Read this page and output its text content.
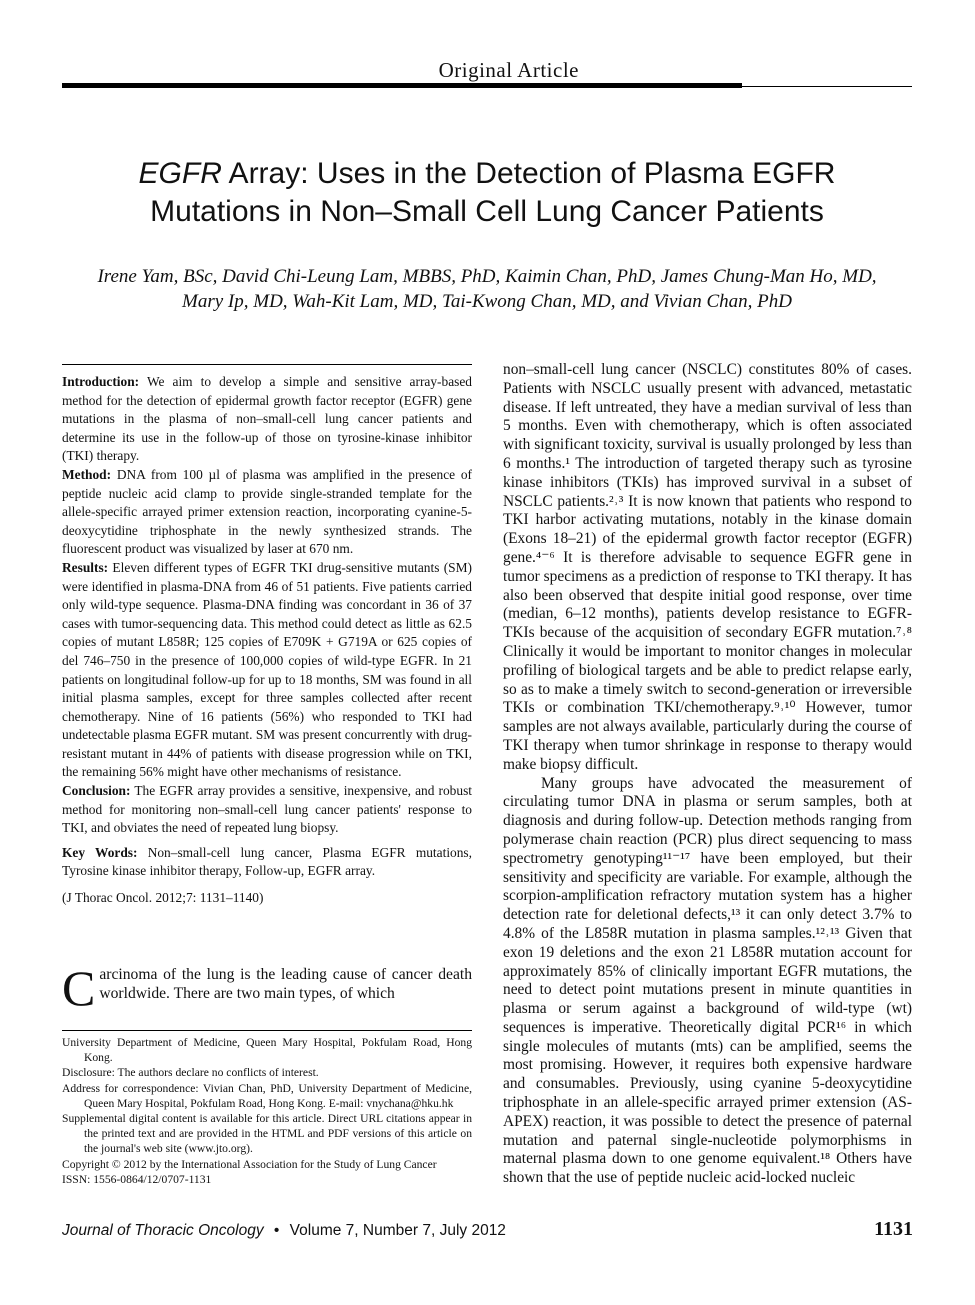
Original Article
EGFR Array: Uses in the Detection of Plasma EGFR
Mutations in Non–Small Cell Lung Cancer Patients
Irene Yam, BSc, David Chi-Leung Lam, MBBS, PhD, Kaimin Chan, PhD, James Chung-Man Ho, MD,
Mary Ip, MD, Wah-Kit Lam, MD, Tai-Kwong Chan, MD, and Vivian Chan, PhD

Introduction: We aim to develop a simple and sensitive array-based method for the detection of epidermal growth factor receptor (EGFR) gene mutations in the plasma of non–small-cell lung cancer patients and determine its use in the follow-up of those on tyrosine-kinase inhibitor (TKI) therapy.

Method: DNA from 100 µl of plasma was amplified in the presence of peptide nucleic acid clamp to provide single-stranded template for the allele-specific arrayed primer extension reaction, incorporating cyanine-5-deoxycytidine triphosphate in the newly synthesized strands. The fluorescent product was visualized by laser at 670 nm.

Results: Eleven different types of EGFR TKI drug-sensitive mutants (SM) were identified in plasma-DNA from 46 of 51 patients. Five patients carried only wild-type sequence. Plasma-DNA finding was concordant in 36 of 37 cases with tumor-sequencing data. This method could detect as little as 62.5 copies of mutant L858R; 125 copies of E709K + G719A or 625 copies of del 746–750 in the presence of 100,000 copies of wild-type EGFR. In 21 patients on longitudinal follow-up for up to 18 months, SM was found in all initial plasma samples, except for three samples collected after recent chemotherapy. Nine of 16 patients (56%) who responded to TKI had undetectable plasma EGFR mutant. SM was present concurrently with drug-resistant mutant in 44% of patients with disease progression while on TKI, the remaining 56% might have other mechanisms of resistance.

Conclusion: The EGFR array provides a sensitive, inexpensive, and robust method for monitoring non–small-cell lung cancer patients' response to TKI, and obviates the need of repeated lung biopsy.

Key Words: Non–small-cell lung cancer, Plasma EGFR mutations, Tyrosine kinase inhibitor therapy, Follow-up, EGFR array.

(J Thorac Oncol. 2012;7: 1131–1140)

Carcinoma of the lung is the leading cause of cancer death worldwide. There are two main types, of which

University Department of Medicine, Queen Mary Hospital, Pokfulam Road, Hong Kong.

Disclosure: The authors declare no conflicts of interest.

Address for correspondence: Vivian Chan, PhD, University Department of Medicine, Queen Mary Hospital, Pokfulam Road, Hong Kong. E-mail: vnychana@hku.hk

Supplemental digital content is available for this article. Direct URL citations appear in the printed text and are provided in the HTML and PDF versions of this article on the journal's web site (www.jto.org).

Copyright © 2012 by the International Association for the Study of Lung Cancer

ISSN: 1556-0864/12/0707-1131

non–small-cell lung cancer (NSCLC) constitutes 80% of cases. Patients with NSCLC usually present with advanced, metastatic disease. If left untreated, they have a median survival of less than 5 months. Even with chemotherapy, which is often associated with significant toxicity, survival is usually prolonged by less than 6 months.¹ The introduction of targeted therapy such as tyrosine kinase inhibitors (TKIs) has improved survival in a subset of NSCLC patients.²˒³ It is now known that patients who respond to TKI harbor activating mutations, notably in the kinase domain (Exons 18–21) of the epidermal growth factor receptor (EGFR) gene.⁴⁻⁶ It is therefore advisable to sequence EGFR gene in tumor specimens as a prediction of response to TKI therapy. It has also been observed that despite initial good response, over time (median, 6–12 months), patients develop resistance to EGFR-TKIs because of the acquisition of secondary EGFR mutation.⁷˒⁸ Clinically it would be important to monitor changes in molecular profiling of biological targets and be able to predict relapse early, so as to make a timely switch to second-generation or irreversible TKIs or combination TKI/chemotherapy.⁹˒¹⁰ However, tumor samples are not always available, particularly during the course of TKI therapy when tumor shrinkage in response to therapy would make biopsy difficult.

Many groups have advocated the measurement of circulating tumor DNA in plasma or serum samples, both at diagnosis and during follow-up. Detection methods ranging from polymerase chain reaction (PCR) plus direct sequencing to mass spectrometry genotyping¹¹⁻¹⁷ have been employed, but their sensitivity and specificity are variable. For example, although the scorpion-amplification refractory mutation system has a higher detection rate for deletional defects,¹³ it can only detect 3.7% to 4.8% of the L858R mutation in plasma samples.¹²˒¹³ Given that exon 19 deletions and the exon 21 L858R mutation account for approximately 85% of clinically important EGFR mutations, the need to detect point mutations present in minute quantities in plasma or serum against a background of wild-type (wt) sequences is imperative. Theoretically digital PCR¹⁶ in which single molecules of mutants (mts) can be amplified, seems the most promising. However, it requires both expensive hardware and consumables. Previously, using cyanine 5-deoxycytidine triphosphate in an allele-specific arrayed primer extension (AS-APEX) reaction, it was possible to detect the presence of paternal mutation and paternal single-nucleotide polymorphisms in maternal plasma down to one genome equivalent.¹⁸ Others have shown that the use of peptide nucleic acid-locked nucleic

Journal of Thoracic Oncology • Volume 7, Number 7, July 2012	1131
